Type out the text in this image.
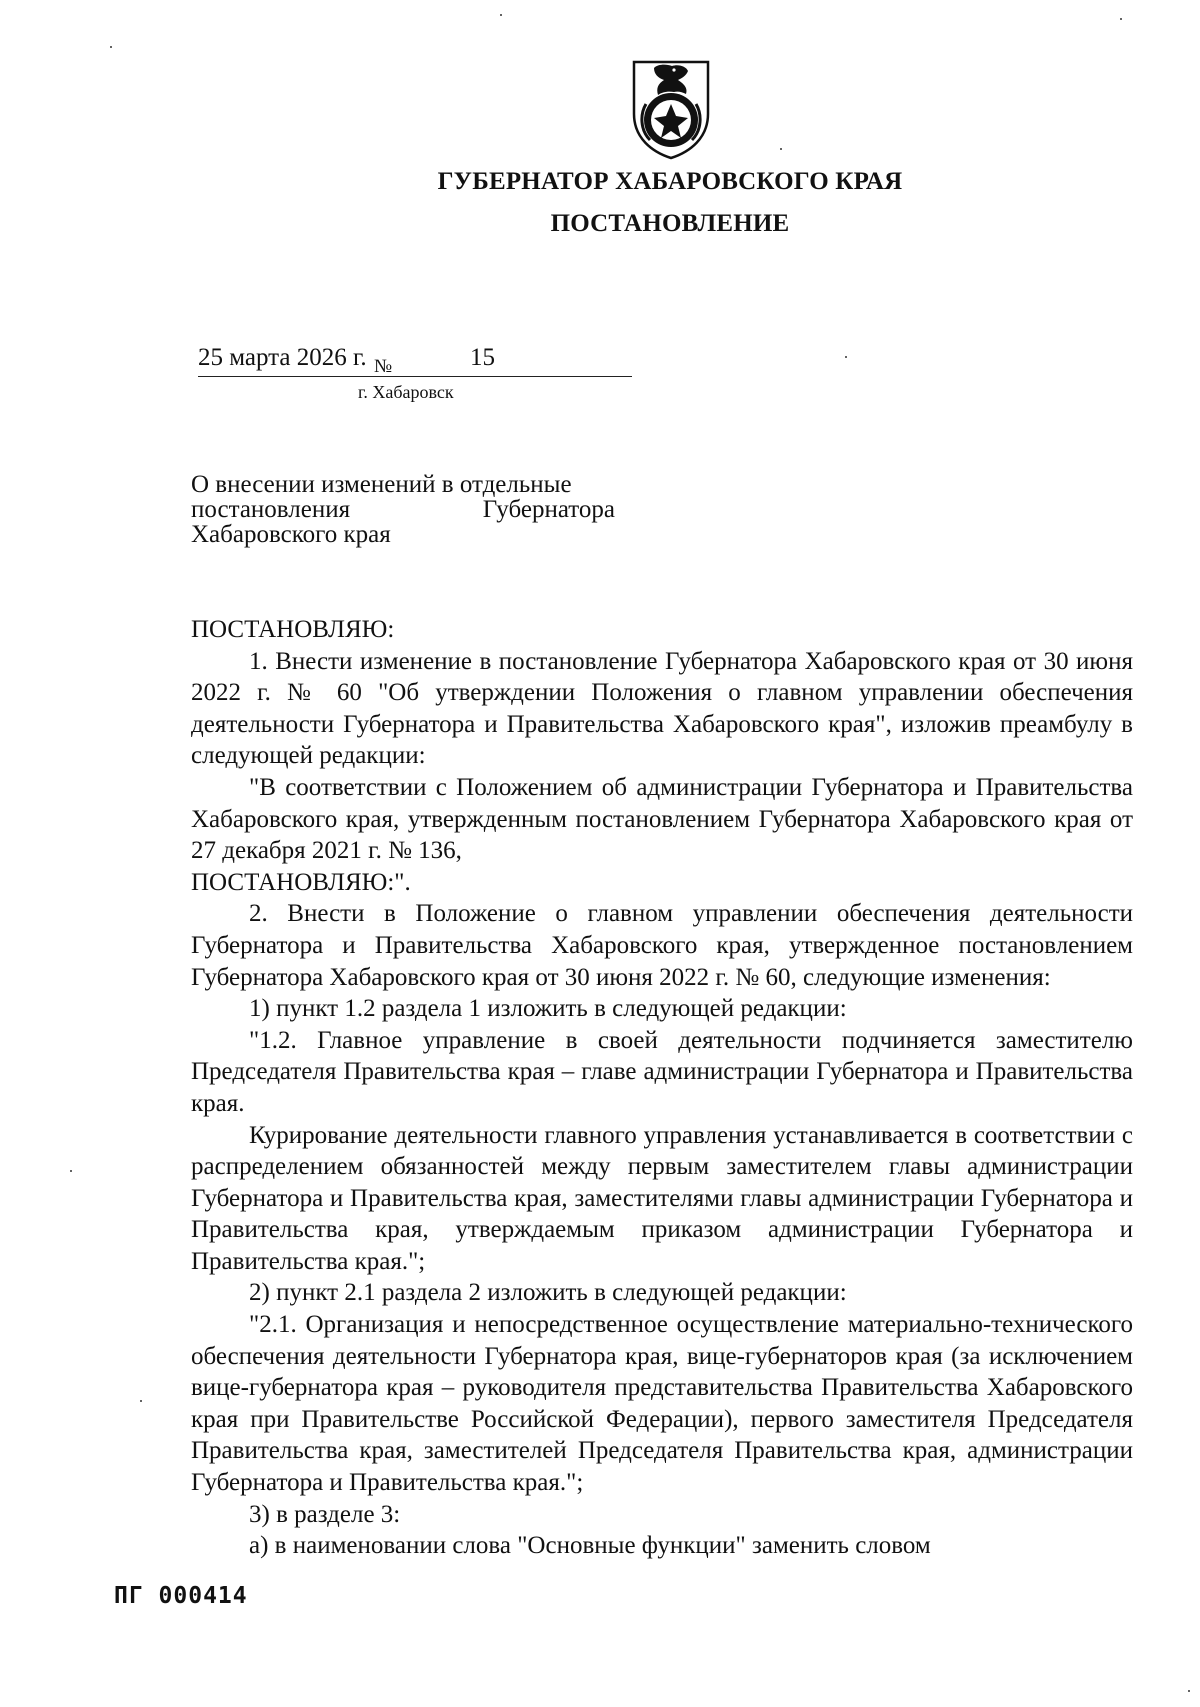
ГУБЕРНАТОР ХАБАРОВСКОГО КРАЯ
ПОСТАНОВЛЕНИЕ
25 марта 2026 г. №	15
г. Хабаровск
О внесении изменений в отдельные
постановления Губернатора
Хабаровского края

ПОСТАНОВЛЯЮ:

1. Внести изменение в постановление Губернатора Хабаровского края от 30 июня 2022 г. № 60 "Об утверждении Положения о главном управлении обеспечения деятельности Губернатора и Правительства Хабаровского края", изложив преамбулу в следующей редакции:

"В соответствии с Положением об администрации Губернатора и Правительства Хабаровского края, утвержденным постановлением Губернатора Хабаровского края от 27 декабря 2021 г. № 136,

ПОСТАНОВЛЯЮ:".

2. Внести в Положение о главном управлении обеспечения деятельности Губернатора и Правительства Хабаровского края, утвержденное постановлением Губернатора Хабаровского края от 30 июня 2022 г. № 60, следующие изменения:

1) пункт 1.2 раздела 1 изложить в следующей редакции:

"1.2. Главное управление в своей деятельности подчиняется заместителю Председателя Правительства края – главе администрации Губернатора и Правительства края.

Курирование деятельности главного управления устанавливается в соответствии с распределением обязанностей между первым заместителем главы администрации Губернатора и Правительства края, заместителями главы администрации Губернатора и Правительства края, утверждаемым приказом администрации Губернатора и Правительства края.";

2) пункт 2.1 раздела 2 изложить в следующей редакции:

"2.1. Организация и непосредственное осуществление материально-технического обеспечения деятельности Губернатора края, вице-губернаторов края (за исключением вице-губернатора края – руководителя представительства Правительства Хабаровского края при Правительстве Российской Федерации), первого заместителя Председателя Правительства края, заместителей Председателя Правительства края, администрации Губернатора и Правительства края.";

3) в разделе 3:

а) в наименовании слова "Основные функции" заменить словом

ПГ 000414
